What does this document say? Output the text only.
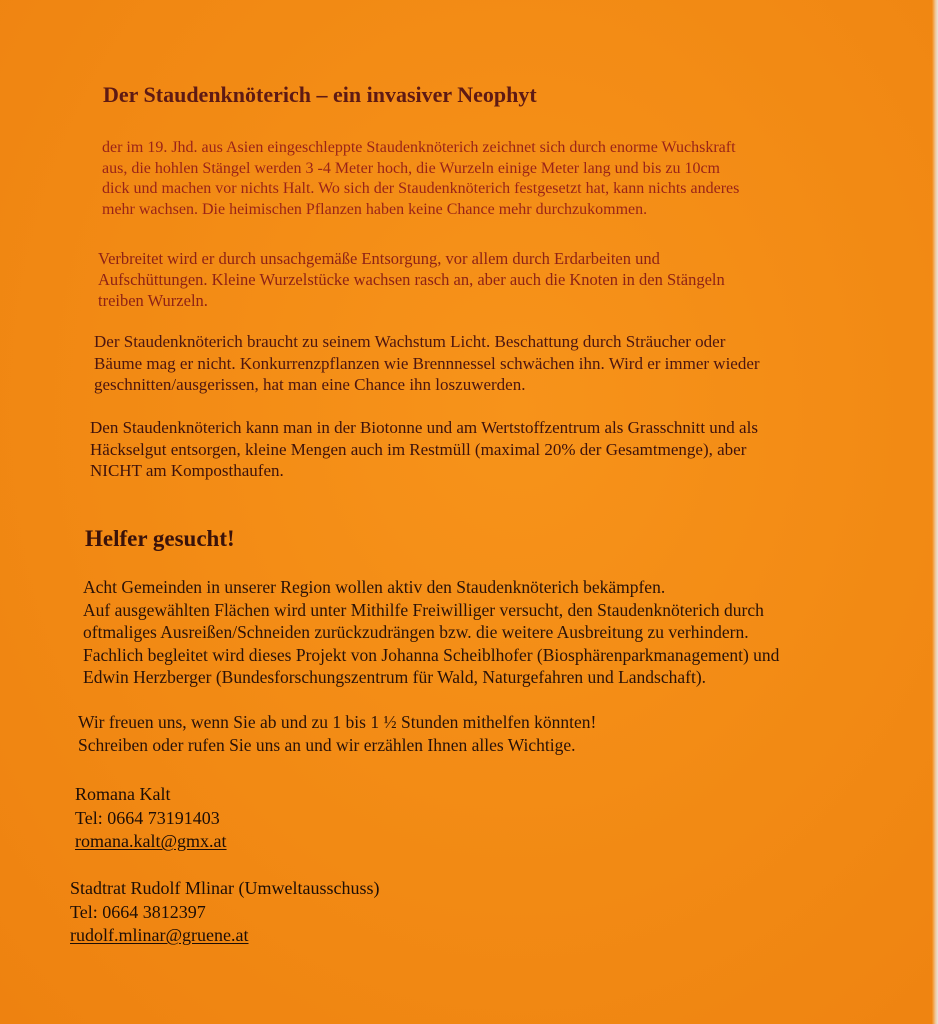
Der Staudenknöterich – ein invasiver Neophyt

der im 19. Jhd. aus Asien eingeschleppte Staudenknöterich zeichnet sich durch enorme Wuchskraft
aus, die hohlen Stängel werden 3 -4 Meter hoch, die Wurzeln einige Meter lang und bis zu 10cm
dick und machen vor nichts Halt. Wo sich der Staudenknöterich festgesetzt hat, kann nichts anderes
mehr wachsen. Die heimischen Pflanzen haben keine Chance mehr durchzukommen.

Verbreitet wird er durch unsachgemäße Entsorgung, vor allem durch Erdarbeiten und
Aufschüttungen. Kleine Wurzelstücke wachsen rasch an, aber auch die Knoten in den Stängeln
treiben Wurzeln.

Der Staudenknöterich braucht zu seinem Wachstum Licht. Beschattung durch Sträucher oder
Bäume mag er nicht. Konkurrenzpflanzen wie Brennnessel schwächen ihn. Wird er immer wieder
geschnitten/ausgerissen, hat man eine Chance ihn loszuwerden.

Den Staudenknöterich kann man in der Biotonne und am Wertstoffzentrum als Grasschnitt und als
Häckselgut entsorgen, kleine Mengen auch im Restmüll (maximal 20% der Gesamtmenge), aber
NICHT am Komposthaufen.

Helfer gesucht!

Acht Gemeinden in unserer Region wollen aktiv den Staudenknöterich bekämpfen.
Auf ausgewählten Flächen wird unter Mithilfe Freiwilliger versucht, den Staudenknöterich durch
oftmaliges Ausreißen/Schneiden zurückzudrängen bzw. die weitere Ausbreitung zu verhindern.
Fachlich begleitet wird dieses Projekt von Johanna Scheiblhofer (Biosphärenparkmanagement) und
Edwin Herzberger (Bundesforschungszentrum für Wald, Naturgefahren und Landschaft).

Wir freuen uns, wenn Sie ab und zu 1 bis 1 ½ Stunden mithelfen könnten!
Schreiben oder rufen Sie uns an und wir erzählen Ihnen alles Wichtige.

Romana Kalt
Tel: 0664 73191403
romana.kalt@gmx.at
Stadtrat Rudolf Mlinar (Umweltausschuss)
Tel: 0664 3812397
rudolf.mlinar@gruene.at
